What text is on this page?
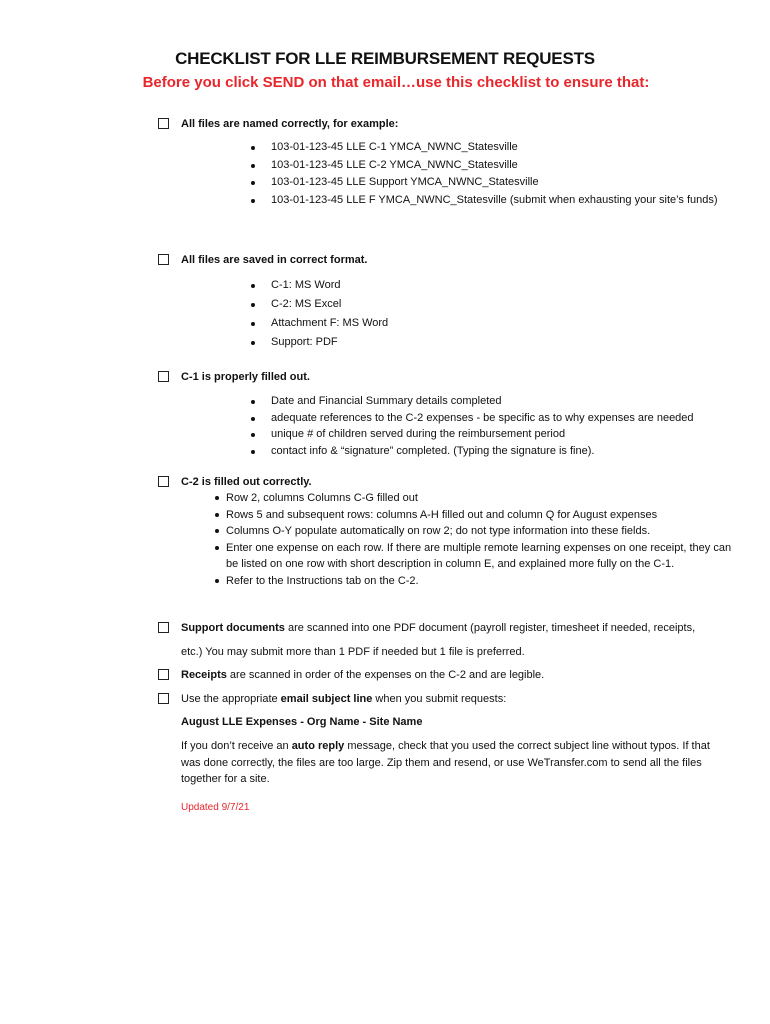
CHECKLIST FOR LLE REIMBURSEMENT REQUESTS
Before you click SEND on that email…use this checklist to ensure that:
All files are named correctly, for example:
103-01-123-45 LLE C-1 YMCA_NWNC_Statesville
103-01-123-45 LLE C-2 YMCA_NWNC_Statesville
103-01-123-45 LLE Support YMCA_NWNC_Statesville
103-01-123-45 LLE F YMCA_NWNC_Statesville (submit when exhausting your site’s funds)
All files are saved in correct format.
C-1: MS Word
C-2: MS Excel
Attachment F: MS Word
Support: PDF
C-1 is properly filled out.
Date and Financial Summary details completed
adequate references to the C-2 expenses - be specific as to why expenses are needed
unique # of children served during the reimbursement period
contact info & “signature” completed. (Typing the signature is fine).
C-2 is filled out correctly.
Row 2, columns Columns C-G filled out
Rows 5 and subsequent rows: columns A-H filled out and column Q for August expenses
Columns O-Y populate automatically on row 2; do not type information into these fields.
Enter one expense on each row. If there are multiple remote learning expenses on one receipt, they can be listed on one row with short description in column E, and explained more fully on the C-1.
Refer to the Instructions tab on the C-2.
Support documents are scanned into one PDF document (payroll register, timesheet if needed, receipts,
etc.) You may submit more than 1 PDF if needed but 1 file is preferred.
Receipts are scanned in order of the expenses on the C-2 and are legible.
Use the appropriate email subject line when you submit requests:
August LLE Expenses - Org Name - Site Name
If you don’t receive an auto reply message, check that you used the correct subject line without typos. If that was done correctly, the files are too large. Zip them and resend, or use WeTransfer.com to send all the files together for a site.
Updated 9/7/21
